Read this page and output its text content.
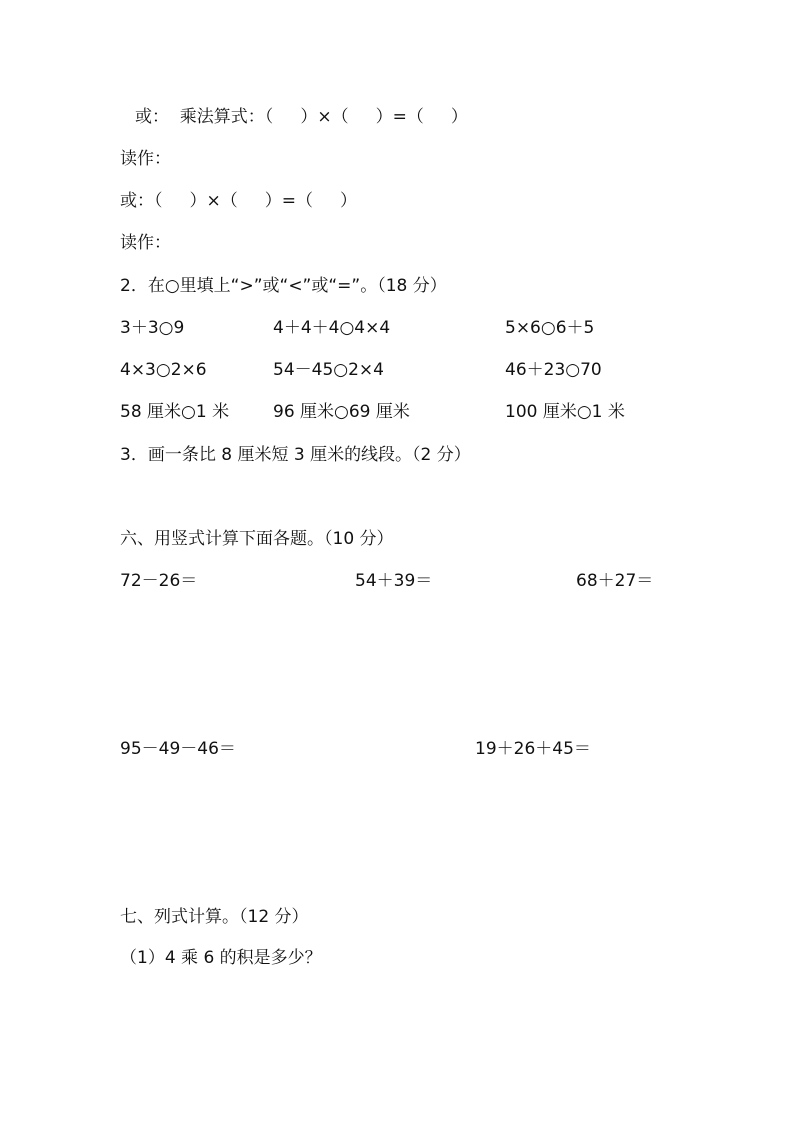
或：  乘法算式：（     ）×（     ）=（     ）
读作：
或：（     ）×（     ）=（     ）
读作：
2．在○里填上“>”或“<”或“=”。（18 分）
3＋3○9	4＋4＋4○4×4	5×6○6＋5
4×3○2×6	54－45○2×4	46＋23○70
58 厘米○1 米	96 厘米○69 厘米	100 厘米○1 米
3．画一条比 8 厘米短 3 厘米的线段。（2 分）
六、用竖式计算下面各题。（10 分）
72－26＝	54＋39＝	68＋27＝
95－49－46＝	19＋26＋45＝
七、列式计算。（12 分）
（1）4 乘 6 的积是多少？
